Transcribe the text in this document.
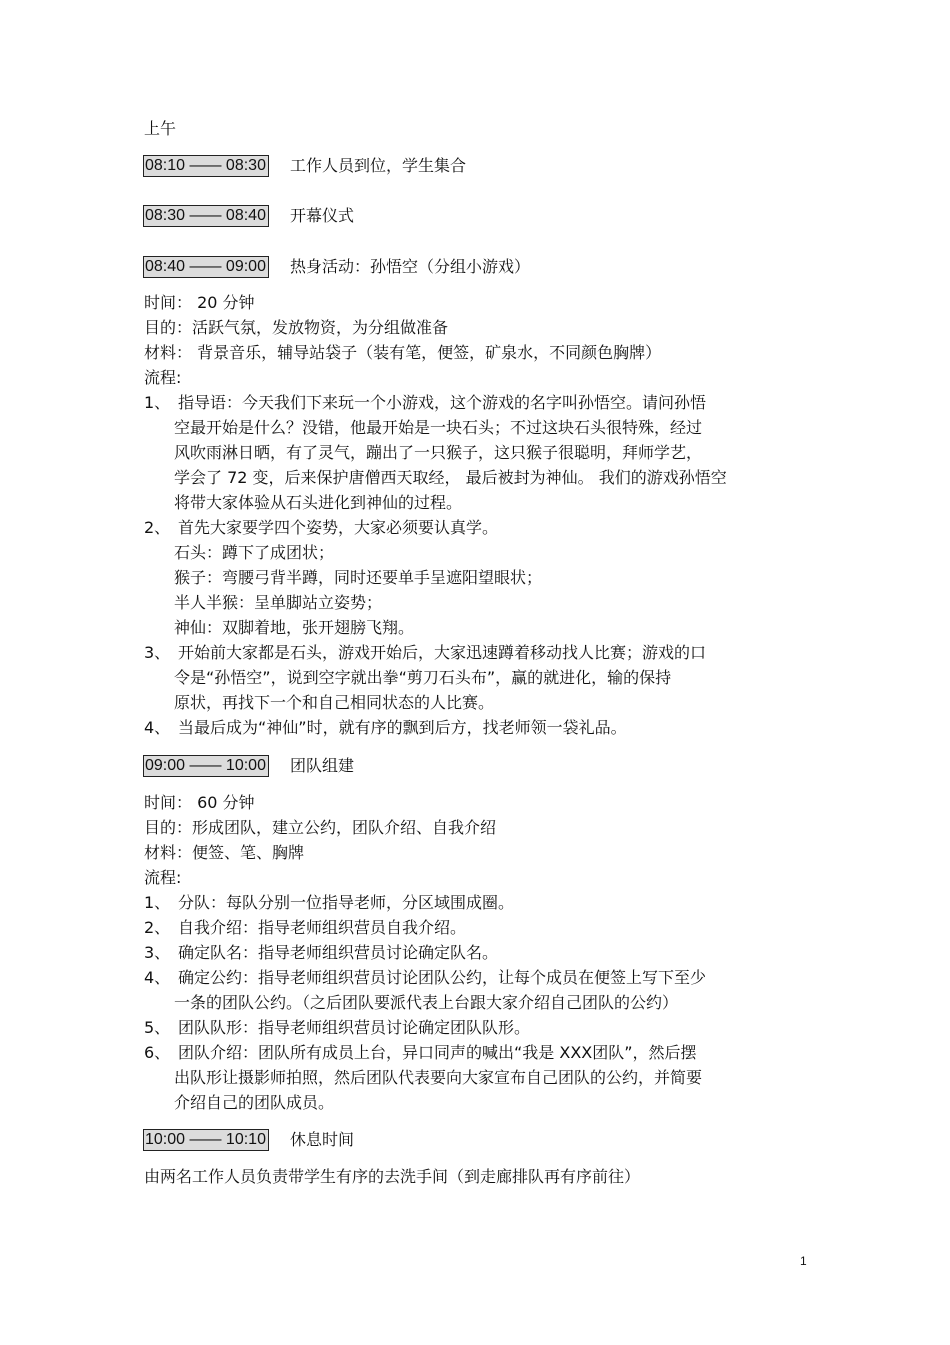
上午
08:10 —— 08:30 工作人员到位，学生集合
08:30 —— 08:40 开幕仪式
08:40 —— 09:00 热身活动：孙悟空（分组小游戏）
时间： 20 分钟
目的：活跃气氛，发放物资，为分组做准备
材料： 背景音乐，辅导站袋子（装有笔，便签，矿泉水，不同颜色胸牌）
流程:
1、 指导语：今天我们下来玩一个小游戏，这个游戏的名字叫孙悟空。请问孙悟
空最开始是什么？没错，他最开始是一块石头；不过这块石头很特殊，经过
风吹雨淋日晒，有了灵气，蹦出了一只猴子，这只猴子很聪明，拜师学艺，
学会了 72 变，后来保护唐僧西天取经， 最后被封为神仙。 我们的游戏孙悟空
将带大家体验从石头进化到神仙的过程。
2、 首先大家要学四个姿势，大家必须要认真学。
石头：蹲下了成团状；
猴子：弯腰弓背半蹲，同时还要单手呈遮阳望眼状；
半人半猴：呈单脚站立姿势；
神仙：双脚着地，张开翅膀飞翔。
3、 开始前大家都是石头，游戏开始后，大家迅速蹲着移动找人比赛；游戏的口
令是“孙悟空”，说到空字就出拳“剪刀石头布”，赢的就进化，输的保持
原状，再找下一个和自己相同状态的人比赛。
4、 当最后成为“神仙”时，就有序的飘到后方，找老师领一袋礼品。
09:00 —— 10:00 团队组建
时间： 60 分钟
目的：形成团队，建立公约，团队介绍、自我介绍
材料：便签、笔、胸牌
流程:
1、 分队：每队分别一位指导老师，分区域围成圈。
2、 自我介绍：指导老师组织营员自我介绍。
3、 确定队名：指导老师组织营员讨论确定队名。
4、 确定公约：指导老师组织营员讨论团队公约，让每个成员在便签上写下至少
一条的团队公约。（之后团队要派代表上台跟大家介绍自己团队的公约）
5、 团队队形：指导老师组织营员讨论确定团队队形。
6、 团队介绍：团队所有成员上台，异口同声的喊出“我是 XXX团队”，然后摆
出队形让摄影师拍照，然后团队代表要向大家宣布自己团队的公约，并简要
介绍自己的团队成员。
10:00 —— 10:10 休息时间
由两名工作人员负责带学生有序的去洗手间（到走廊排队再有序前往）
1
